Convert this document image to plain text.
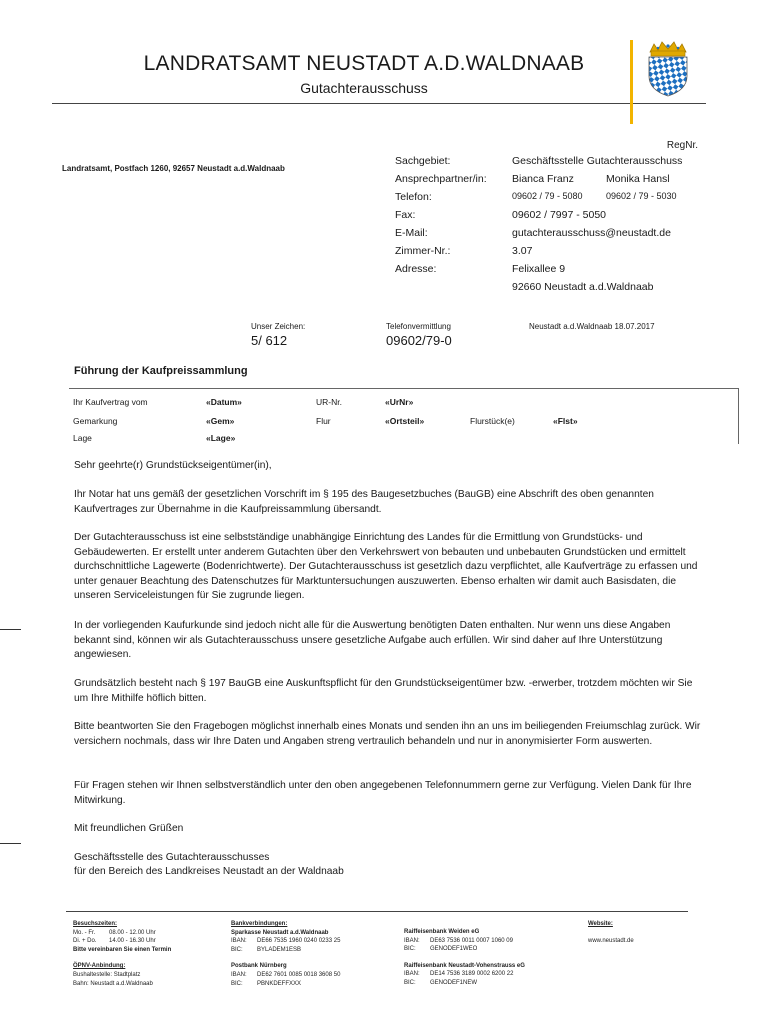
LANDRATSAMT NEUSTADT A.D.WALDNAAB
Gutachterausschuss
RegNr.
Landratsamt, Postfach 1260, 92657 Neustadt a.d.Waldnaab
Sachgebiet:	Geschäftsstelle Gutachterausschuss
Ansprechpartner/in: Bianca Franz	Monika Hansl
Telefon:	09602 / 79 - 5080	09602 / 79 - 5030
Fax:	09602 / 7997 - 5050
E-Mail:	gutachterausschuss@neustadt.de
Zimmer-Nr.:	3.07
Adresse:	Felixallee 9
92660 Neustadt a.d.Waldnaab
Unser Zeichen:
5/ 612
Telefonvermittlung
09602/79-0
Neustadt a.d.Waldnaab 18.07.2017
Führung der Kaufpreissammlung
Ihr Kaufvertrag vom	«Datum»	UR-Nr.	«UrNr»
Gemarkung	«Gem»	Flur	«Ortsteil»	Flurstück(e)	«Flst»
Lage	«Lage»
Sehr geehrte(r) Grundstückseigentümer(in),
Ihr Notar hat uns gemäß der gesetzlichen Vorschrift im § 195 des Baugesetzbuches (BauGB) eine Abschrift des oben genannten Kaufvertrages zur Übernahme in die Kaufpreissammlung übersandt.
Der Gutachterausschuss ist eine selbstständige unabhängige Einrichtung des Landes für die Ermittlung von Grundstücks- und Gebäudewerten. Er erstellt unter anderem Gutachten über den Verkehrswert von bebauten und unbebauten Grundstücken und ermittelt durchschnittliche Lagewerte (Bodenrichtwerte). Der Gutachterausschuss ist gesetzlich dazu verpflichtet, alle Kaufverträge zu erfassen und unter genauer Beachtung des Datenschutzes für Marktuntersuchungen auszuwerten. Ebenso erhalten wir damit auch Basisdaten, die unseren Serviceleistungen für Sie zugrunde liegen.
In der vorliegenden Kaufurkunde sind jedoch nicht alle für die Auswertung benötigten Daten enthalten. Nur wenn uns diese Angaben bekannt sind, können wir als Gutachterausschuss unsere gesetzliche Aufgabe auch erfüllen. Wir sind daher auf Ihre Unterstützung angewiesen.
Grundsätzlich besteht nach § 197 BauGB eine Auskunftspflicht für den Grundstückseigentümer bzw. -erwerber, trotzdem möchten wir Sie um Ihre Mithilfe höflich bitten.
Bitte beantworten Sie den Fragebogen möglichst innerhalb eines Monats und senden ihn an uns im beiliegenden Freiumschlag zurück. Wir versichern nochmals, dass wir Ihre Daten und Angaben streng vertraulich behandeln und nur in anonymisierter Form auswerten.
Für Fragen stehen wir Ihnen selbstverständlich unter den oben angegebenen Telefonnummern gerne zur Verfügung. Vielen Dank für Ihre Mitwirkung.
Mit freundlichen Grüßen
Geschäftsstelle des Gutachterausschusses
für den Bereich des Landkreises Neustadt an der Waldnaab
Besuchszeiten:
Mo. - Fr. 08.00 - 12.00 Uhr
Di. + Do. 14.00 - 16.30 Uhr
Bitte vereinbaren Sie einen Termin
ÖPNV-Anbindung:
Bushaltestelle: Stadtplatz
Bahn: Neustadt a.d.Waldnaab
Bankverbindungen:
Sparkasse Neustadt a.d.Waldnaab
IBAN: DE66 7535 1960 0240 0233 25
BIC: BYLADEM1ESB
Postbank Nürnberg
IBAN: DE62 7601 0085 0018 3608 50
BIC: PBNKDEFFXXX
Raiffeisenbank Weiden eG
IBAN: DE63 7536 0011 0007 1060 09
BIC: GENODEF1WEO
Raiffeisenbank Neustadt-Vohenstrauss eG
IBAN: DE14 7536 3189 0002 6200 22
BIC: GENODEF1NEW
Website:
www.neustadt.de
